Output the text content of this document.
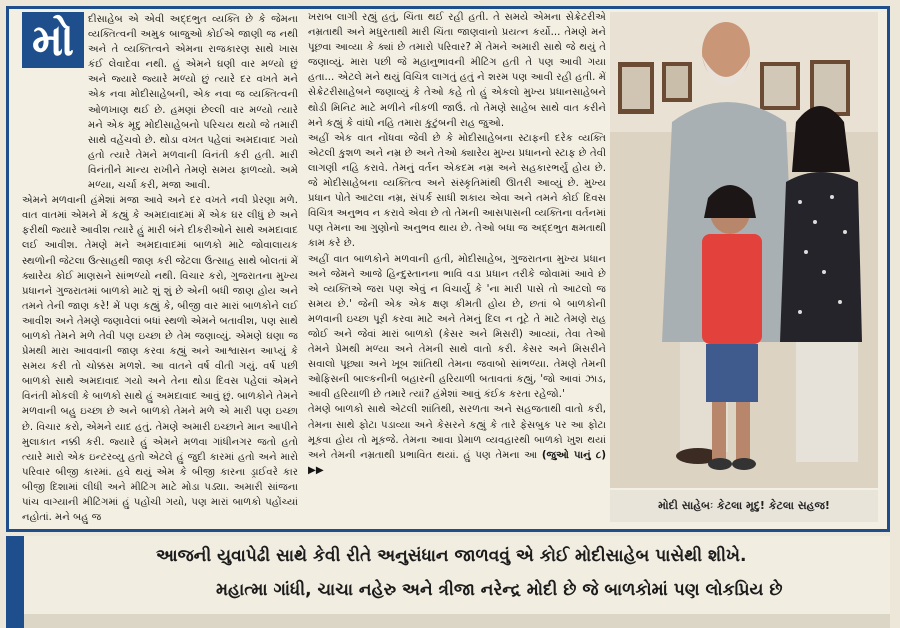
મો	દીસાહેબ એ એવી અદ્દભુત વ્યક્તિ છે કે જેમના વ્યક્તિત્વની અમુક બાજુઓ કોઈએ જાણી જ નથી અને તે વ્યક્તિત્વને એમના રાજકારણ સાથે ખાસ કંઈ લેવાદેવા નથી. હું એમને ઘણી વાર મળ્યો છું અને જ્યારે જ્યારે મળ્યો છું ત્યારે દર વખતે મને એક નવા મોદીસાહેબની, એક નવા જ વ્યક્તિત્વની ઓળખાણ થઈ છે. હમણાં છેલ્લી વાર મળ્યો ત્યારે મને એક મૃદુ મોદીસાહેબનો પરિચય થયો જે તમારી સાથે વહેંચવો છે. થોડા વખત પહેલાં અમદાવાદ ગયો હતો ત્યારે તેમને મળવાની વિનંતી કરી હતી. મારી વિનંતીને માન્ય રાખીને તેમણે સમય ફાળવ્યો. અમે મળ્યા, ચર્ચા કરી, મજા આવી.

એમને મળવાની હંમેશાં મજા આવે અને દર વખતે નવી પ્રેરણા મળે. વાત વાતમાં એમને મેં કહ્યું કે અમદાવાદમાં મેં એક ઘર લીધું છે અને ફરીથી જ્યારે આવીશ ત્યારે હું મારી બંને દીકરીઓને સાથે અમદાવાદ લઈ આવીશ. તેમણે મને અમદાવાદમાં બાળકો માટે જોવાલાયક સ્થળોની જેટલા ઉત્સાહથી જાણ કરી જેટલા ઉત્સાહ સાથે બોલતાં મેં ક્યારેય કોઈ માણસને સાંભળ્યો નથી. વિચાર કરો, ગુજરાતના મુખ્ય પ્રધાનને ગુજરાતમાં બાળકો માટે શું શું છે એની બધી જાણ હોય અને તમને તેની જાણ કરે! મેં પણ કહ્યું કે, બીજી વાર મારાં બાળકોને લઈ આવીશ અને તેમણે જણાવેલાં બધાં સ્થળો એમને બતાવીશ, પણ સાથે બાળકો તેમને મળે તેવી પણ ઇચ્છા છે તેમ જણાવ્યું. એમણે ઘણા જ પ્રેમથી મારા આવવાની જાણ કરવા કહ્યું અને આશ્વાસન આપ્યું કે સમય કરી તો ચોક્કસ મળશે. આ વાતને વર્ષ વીતી ગયું. વર્ષ પછી બાળકો સાથે અમદાવાદ ગયો અને તેના થોડા દિવસ પહેલાં એમને વિનંતી મોકલી કે બાળકો સાથે હું અમદાવાદ આવું છું. બાળકોને તેમને મળવાની બહુ ઇચ્છા છે અને બાળકો તેમને મળે એ મારી પણ ઇચ્છા છે. વિચાર કરો, એમને યાદ હતું. તેમણે અમારી ઇચ્છાને માન આપીને મુલાકાત નક્કી કરી. જ્યારે હું એમને મળવા ગાંધીનગર જતો હતો ત્યારે મારો એક ઇન્ટરવ્યુ હતો એટલે હું જુદી કારમાં હતો અને મારો પરિવાર બીજી કારમાં. હવે થયું એમ કે બીજી કારના ડ્રાઈવરે કાર બીજી દિશામાં લીધી અને મીટિંગ માટે મોડા પડ્યા. અમારી સાંજના પાંચ વાગ્યાની મીટિંગમાં હું પહોંચી ગયો, પણ મારાં બાળકો પહોંચ્યાં નહોતાં. મને બહુ જ

ખરાબ લાગી રહ્યું હતું, ચિંતા થઈ રહી હતી. તે સમયે એમના સેક્રેટરીએ નમ્રતાથી અને મધુરતાથી મારી ચિંતા જાણવાનો પ્રયત્ન કર્યો... તેમણે મને પૂછવા આવ્યા કે ક્યાં છે તમારો પરિવાર? મેં તેમને અમારી સાથે જે થયું તે જણાવ્યું. મારા પછી જે મહાનુભાવની મીટિંગ હતી તે પણ આવી ગયા હતા... એટલે મને થયું વિચિત્ર લાગતું હતું ને શરમ પણ આવી રહી હતી. મેં સેક્રેટરીસાહેબને જણાવ્યું કે તેઓ કહે તો હું એકલો મુખ્ય પ્રધાનસાહેબને થોડી મિનિટ માટે મળીને નીકળી જાઉં. તો તેમણે સાહેબ સાથે વાત કરીને મને કહ્યું કે વાંધો નહિ તમારા કુટુંબની રાહ જુઓ.

અહીં એક વાત નોંધવા જેવી છે કે મોદીસાહેબના સ્ટાફની દરેક વ્યક્તિ એટલી કુશળ અને નમ્ર છે અને તેઓ ક્યારેય મુખ્ય પ્રધાનનો સ્ટાફ છે તેવી લાગણી નહિ કરાવે. તેમનું વર્તન એકદમ નમ્ર અને સહકારભર્યું હોય છે. જે મોદીસાહેબના વ્યક્તિત્વ અને સંસ્કૃતિમાંથી ઊતરી આવ્યું છે. મુખ્ય પ્રધાન પોતે આટલા નમ્ર, સંપર્ક સાધી શકાય એવા અને તમને કોઈ દિવસ વિચિત્ર અનુભવ ન કરાવે એવા છે તો તેમની આસપાસની વ્યક્તિના વર્તનમાં પણ તેમના આ ગુણોનો અનુભવ થાય છે. તેઓ બધા જ અદ્દભુત ક્ષમતાથી કામ કરે છે.

અહીં વાત બાળકોને મળવાની હતી, મોદીસાહેબ, ગુજરાતના મુખ્ય પ્રધાન અને જેમને આજે હિન્દુસ્તાનના ભાવિ વડા પ્રધાન તરીકે જોવામાં આવે છે એ વ્યક્તિએ જરા પણ એવું ન વિચાર્યું કે 'ના મારી પાસે તો આટલો જ સમય છે.' જેની એક એક ક્ષણ કીમતી હોય છે, છતાં બે બાળકોની મળવાની ઇચ્છા પૂરી કરવા માટે અને તેમનું દિલ ન તૂટે તે માટે તેમણે રાહ જોઈ અને જેવાં મારાં બાળકો (કેસર અને મિસરી) આવ્યાં, તેવા તેઓ તેમને પ્રેમથી મળ્યા અને તેમની સાથે વાતો કરી. કેસર અને મિસરીને સવાલો પૂછ્યા અને ખૂબ શાંતિથી તેમના જવાબો સાંભળ્યા. તેમણે તેમની ઓફિસની બાલ્કનીની બહારની હરિયાળી બતાવતાં કહ્યું, 'જો આવાં ઝાડ, આવી હરિયાળી છે તમારે ત્યાં? હંમેશાં આવું કંઈક કરતા રહેજો.'

તેમણે બાળકો સાથે એટલી શાંતિથી, સરળતા અને સહજતાથી વાતો કરી, તેમના સાથે ફોટા પડાવ્યા અને કેસરને કહ્યું કે તારે ફેસબુક પર આ ફોટા મૂકવા હોય તો મૂકજે. તેમના આવા પ્રેમાળ વ્યવહારથી બાળકો ખુશ થયાં અને તેમની નમ્રતાથી પ્રભાવિત થયાં. હું પણ તેમના આ (જુઓ પાનું ૮) ▶▶

મોદી સાહેબઃ કેટલા મૃદુ! કેટલા સહજ!
આજની યુવાપેઢી સાથે કેવી રીતે અનુસંધાન જાળવવું એ કોઈ મોદીસાહેબ પાસેથી શીખે.
મહાત્મા ગાંધી, ચાચા નહેરુ અને ત્રીજા નરેન્દ્ર મોદી છે જે બાળકોમાં પણ લોકપ્રિય છે
